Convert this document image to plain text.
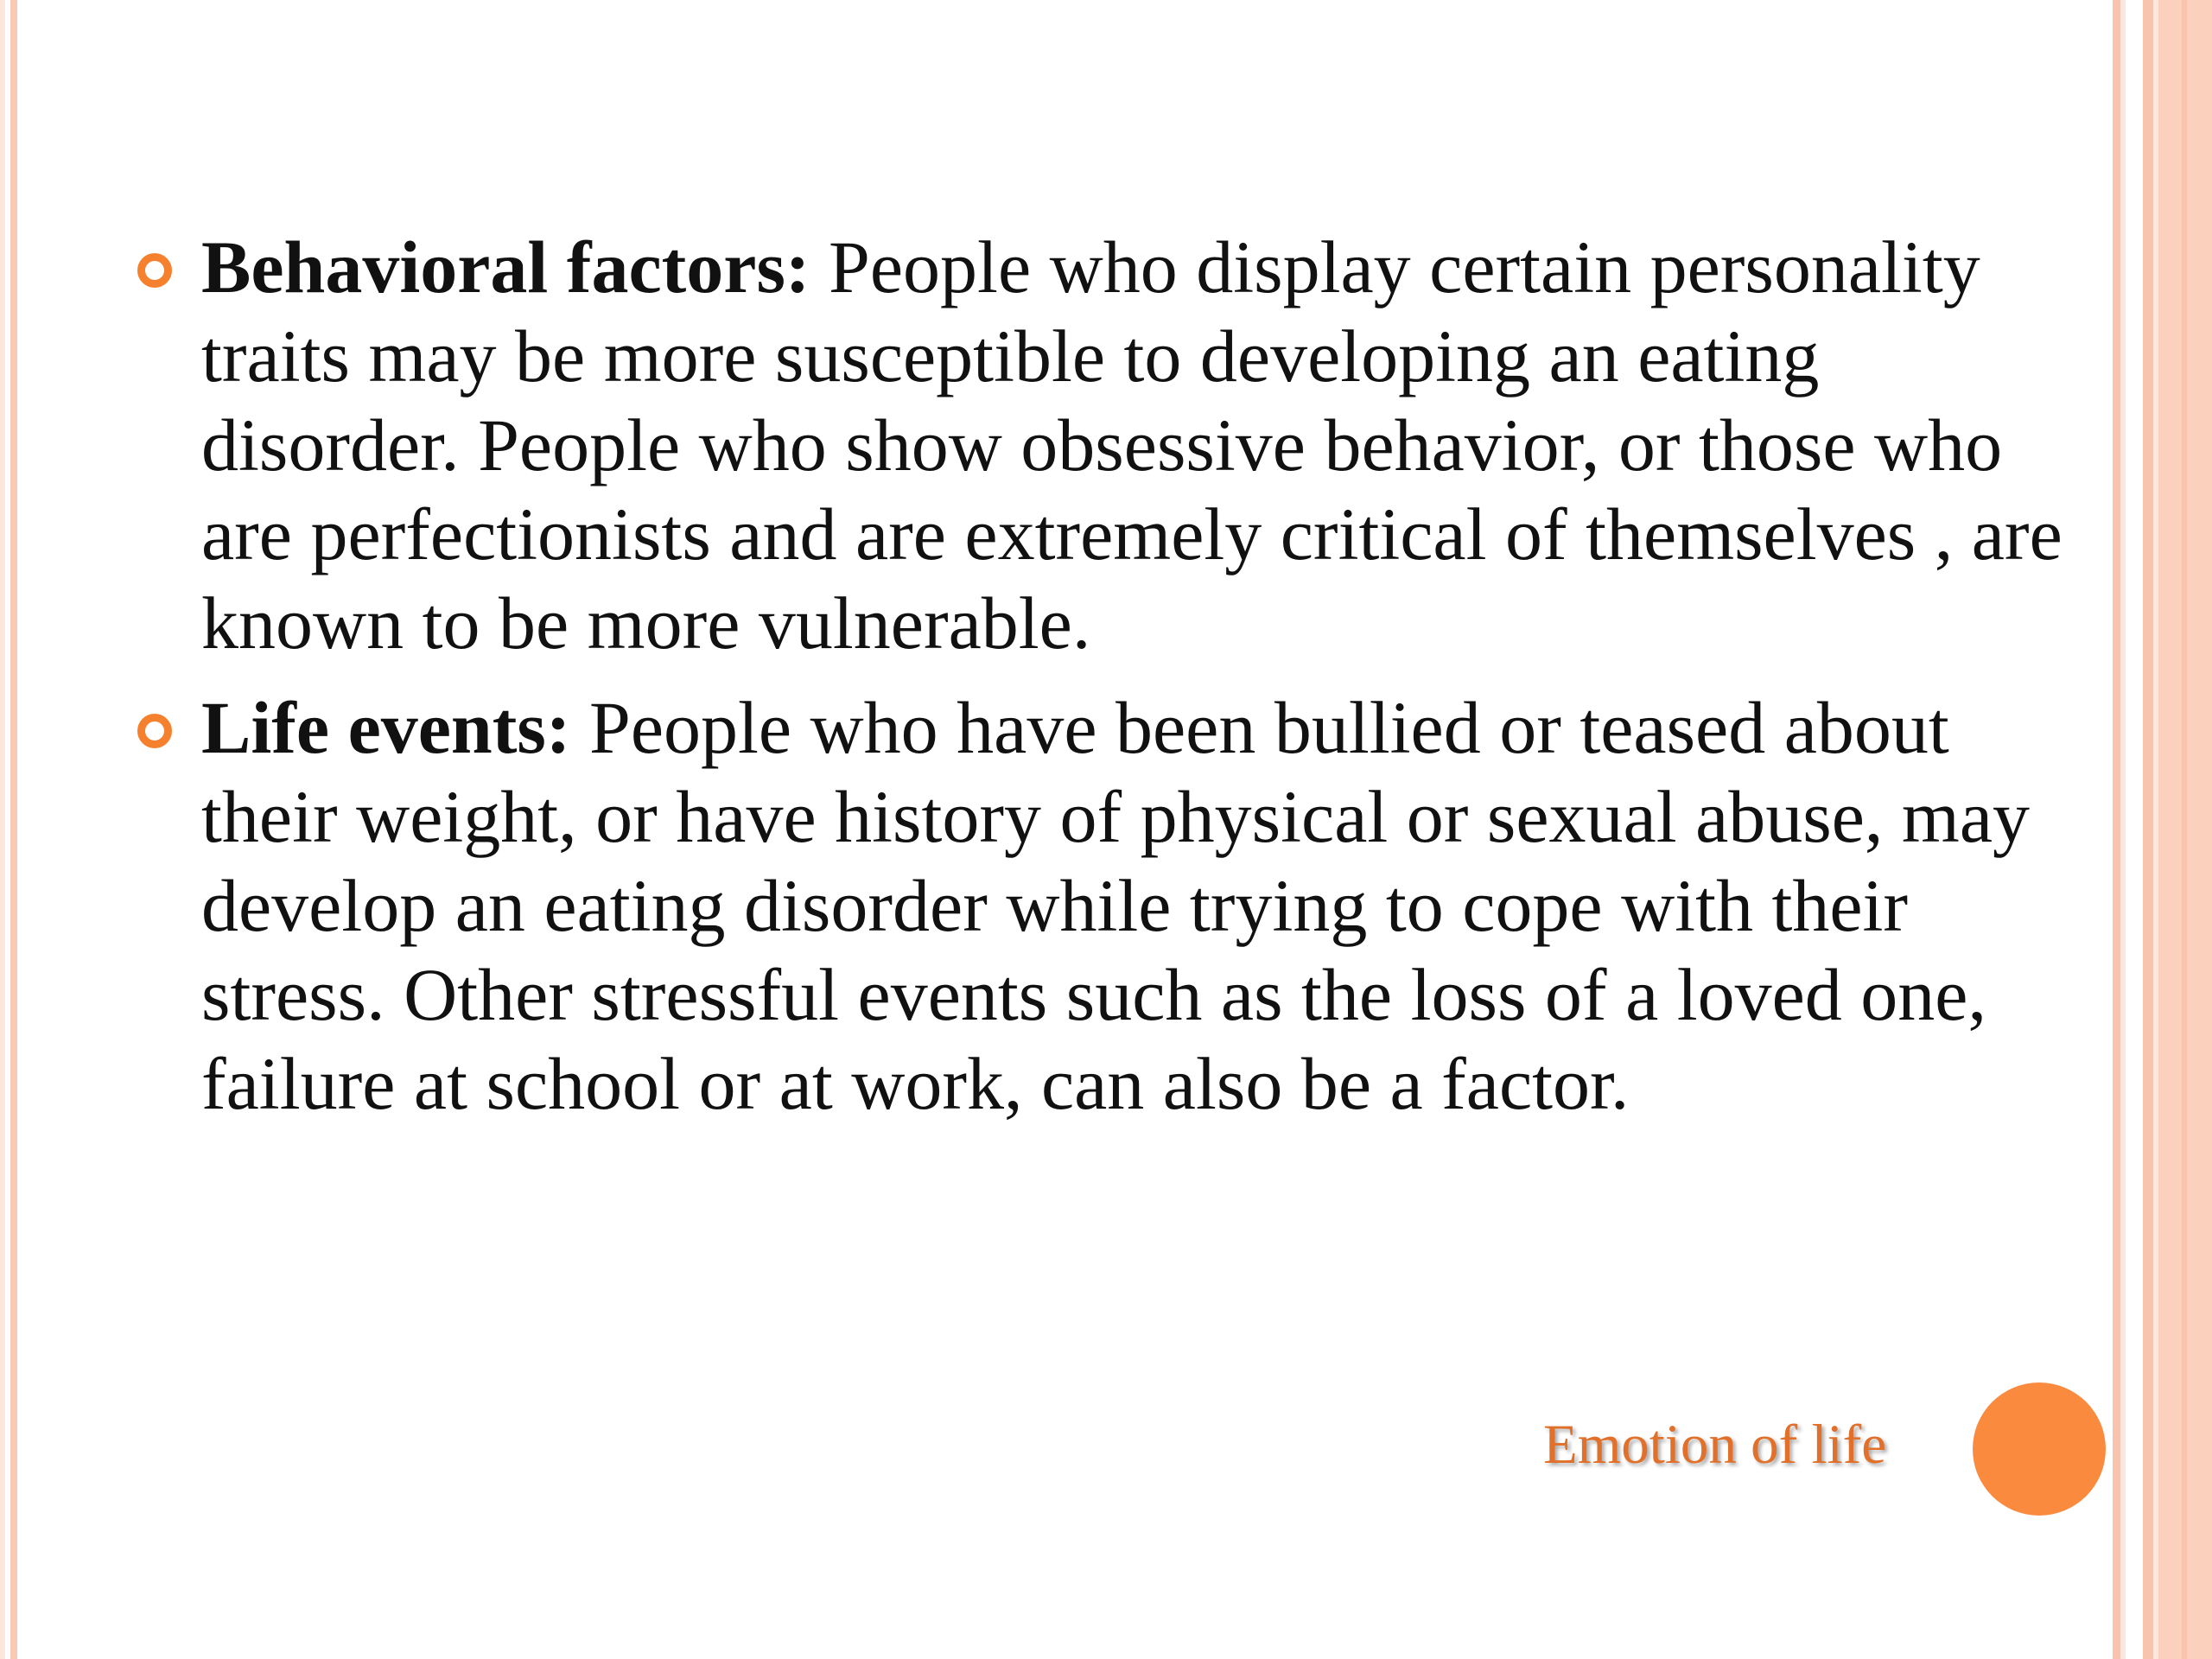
Behavioral factors: People who display certain personality traits may be more susceptible to developing an eating disorder. People who show obsessive behavior, or those who are perfectionists and are extremely critical of themselves , are known to be more vulnerable.
Life events: People who have been bullied or teased about their weight, or have history of physical or sexual abuse, may develop an eating disorder while trying to cope with their stress. Other stressful events such as the loss of a loved one, failure at school or at work, can also be a factor.
Emotion of life
